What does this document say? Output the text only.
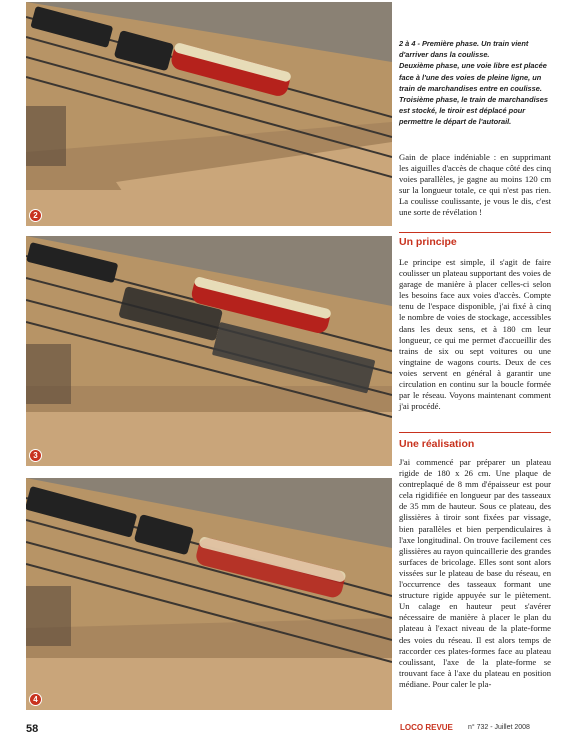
2
3
4

2 à 4 - Première phase. Un train vient d'arriver dans la coulisse.

Deuxième phase, une voie libre est placée face à l'une des voies de pleine ligne, un train de marchandises entre en coulisse.

Troisième phase, le train de marchandises est stocké, le tiroir est déplacé pour permettre le départ de l'autorail.

Gain de place indéniable : en supprimant les aiguilles d'accès de chaque côté des cinq voies parallèles, je gagne au moins 120 cm sur la longueur totale, ce qui n'est pas rien. La coulisse coulissante, je vous le dis, c'est une sorte de révélation !
Un principe
Le principe est simple, il s'agit de faire coulisser un plateau supportant des voies de garage de manière à placer celles-ci selon les besoins face aux voies d'accès. Compte tenu de l'espace disponible, j'ai fixé à cinq le nombre de voies de stockage, accessibles dans les deux sens, et à 180 cm leur longueur, ce qui me permet d'accueillir des trains de six ou sept voitures ou une vingtaine de wagons courts. Deux de ces voies servent en général à garantir une circulation en continu sur la boucle formée par le réseau. Voyons maintenant comment j'ai procédé.
Une réalisation
J'ai commencé par préparer un plateau rigide de 180 x 26 cm. Une plaque de contreplaqué de 8 mm d'épaisseur est pour cela rigidifiée en longueur par des tasseaux de 35 mm de hauteur. Sous ce plateau, des glissières à tiroir sont fixées par vissage, bien parallèles et bien perpendiculaires à l'axe longitudinal. On trouve facilement ces glissières au rayon quincaillerie des grandes surfaces de bricolage. Elles sont sont alors vissées sur le plateau de base du réseau, en l'occurrence des tasseaux formant une structure rigide appuyée sur le piètement. Un calage en hauteur peut s'avérer nécessaire de manière à placer le plan du plateau à l'exact niveau de la plate-forme des voies du réseau. Il est alors temps de raccorder ces plates-formes face au plateau coulissant, l'axe de la plate-forme se trouvant face à l'axe du plateau en position médiane. Pour caler le pla-
58	LOCO REVUE n° 732 - Juillet 2008
